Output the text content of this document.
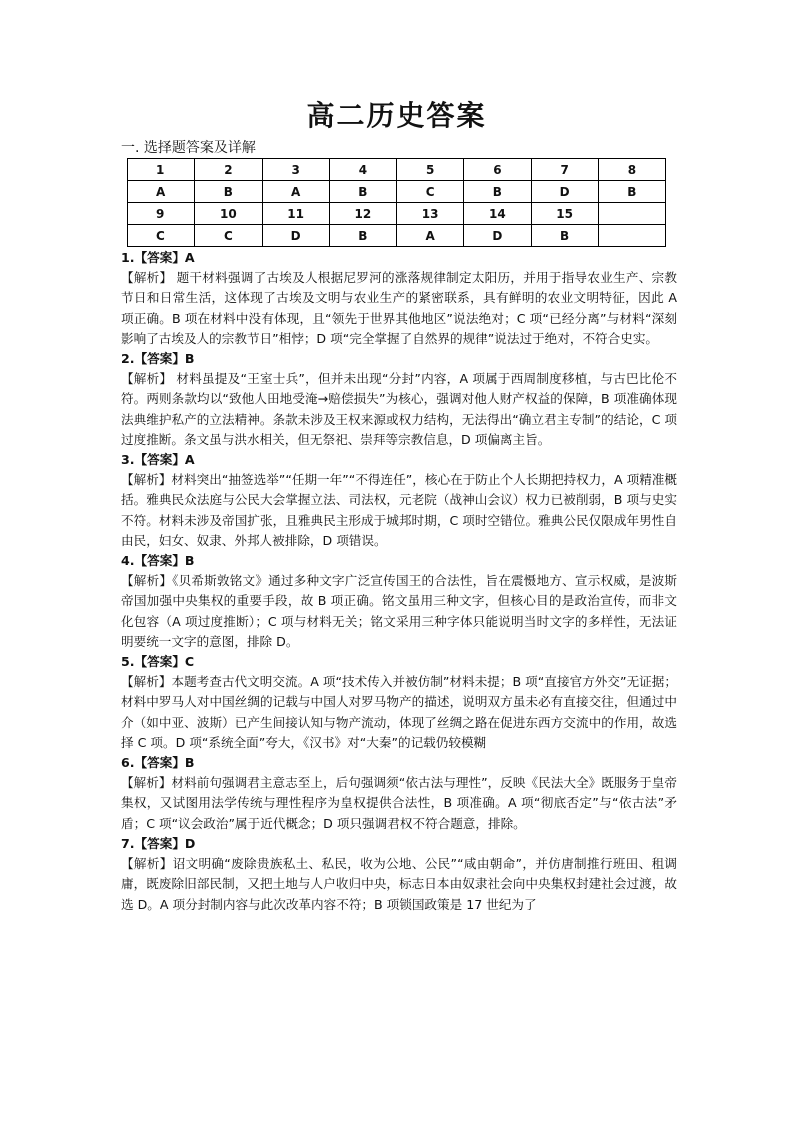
高二历史答案
一. 选择题答案及详解
1	2	3	4	5	6	7	8
A	B	A	B	C	B	D	B
9	10	11	12	13	14	15	
C	C	D	B	A	D	B	

1.【答案】A

【解析】 题干材料强调了古埃及人根据尼罗河的涨落规律制定太阳历，并用于指导农业生产、宗教节日和日常生活，这体现了古埃及文明与农业生产的紧密联系，具有鲜明的农业文明特征，因此 A 项正确。B 项在材料中没有体现，且“领先于世界其他地区”说法绝对；C 项“已经分离”与材料“深刻影响了古埃及人的宗教节日”相悖；D 项“完全掌握了自然界的规律”说法过于绝对，不符合史实。

2.【答案】B

【解析】 材料虽提及“王室士兵”，但并未出现“分封”内容，A 项属于西周制度移植，与古巴比伦不符。两则条款均以“致他人田地受淹→赔偿损失”为核心，强调对他人财产权益的保障，B 项准确体现法典维护私产的立法精神。条款未涉及王权来源或权力结构，无法得出“确立君主专制”的结论，C 项过度推断。条文虽与洪水相关，但无祭祀、崇拜等宗教信息，D 项偏离主旨。

3.【答案】A

【解析】材料突出“抽签选举”“任期一年”“不得连任”，核心在于防止个人长期把持权力，A 项精准概括。雅典民众法庭与公民大会掌握立法、司法权，元老院（战神山会议）权力已被削弱，B 项与史实不符。材料未涉及帝国扩张，且雅典民主形成于城邦时期，C 项时空错位。雅典公民仅限成年男性自由民，妇女、奴隶、外邦人被排除，D 项错误。

4.【答案】B

【解析】《贝希斯敦铭文》通过多种文字广泛宣传国王的合法性，旨在震慑地方、宣示权威，是波斯帝国加强中央集权的重要手段，故 B 项正确。铭文虽用三种文字，但核心目的是政治宣传，而非文化包容（A 项过度推断）；C 项与材料无关；铭文采用三种字体只能说明当时文字的多样性，无法证明要统一文字的意图，排除 D。

5.【答案】C

【解析】本题考查古代文明交流。A 项“技术传入并被仿制”材料未提；B 项“直接官方外交”无证据；材料中罗马人对中国丝绸的记载与中国人对罗马物产的描述，说明双方虽未必有直接交往，但通过中介（如中亚、波斯）已产生间接认知与物产流动，体现了丝绸之路在促进东西方交流中的作用，故选择 C 项。D 项“系统全面”夸大，《汉书》对“大秦”的记载仍较模糊

6.【答案】B

【解析】材料前句强调君主意志至上，后句强调须“依古法与理性”，反映《民法大全》既服务于皇帝集权，又试图用法学传统与理性程序为皇权提供合法性，B 项准确。A 项“彻底否定”与“依古法”矛盾；C 项“议会政治”属于近代概念；D 项只强调君权不符合题意，排除。

7.【答案】D

【解析】诏文明确“废除贵族私土、私民，收为公地、公民”“咸由朝命”，并仿唐制推行班田、租调庸，既废除旧部民制，又把土地与人户收归中央，标志日本由奴隶社会向中央集权封建社会过渡，故选 D。A 项分封制内容与此次改革内容不符；B 项锁国政策是 17 世纪为了
